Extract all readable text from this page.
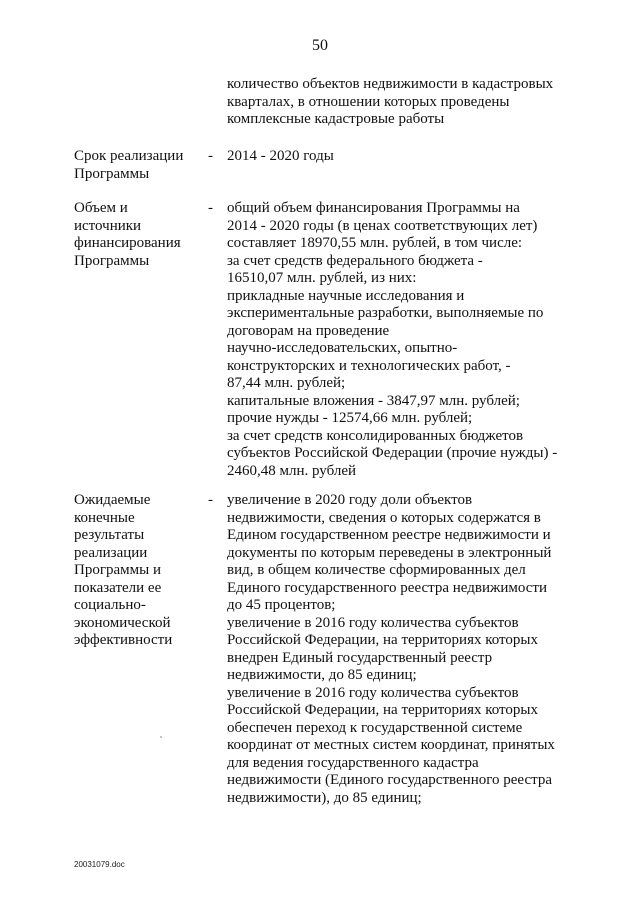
50
количество объектов недвижимости в кадастровых
кварталах, в отношении которых проведены
комплексные кадастровые работы
Срок реализации
Программы
- 2014 - 2020 годы
Объем и
источники
финансирования
Программы
- общий объем финансирования Программы на
2014 - 2020 годы (в ценах соответствующих лет)
составляет 18970,55 млн. рублей, в том числе:
за счет средств федерального бюджета -
16510,07 млн. рублей, из них:
прикладные научные исследования и
экспериментальные разработки, выполняемые по
договорам на проведение
научно-исследовательских, опытно-
конструкторских и технологических работ, -
87,44 млн. рублей;
капитальные вложения - 3847,97 млн. рублей;
прочие нужды - 12574,66 млн. рублей;
за счет средств консолидированных бюджетов
субъектов Российской Федерации (прочие нужды) -
2460,48 млн. рублей
Ожидаемые
конечные
результаты
реализации
Программы и
показатели ее
социально-
экономической
эффективности
- увеличение в 2020 году доли объектов
недвижимости, сведения о которых содержатся в
Едином государственном реестре недвижимости и
документы по которым переведены в электронный
вид, в общем количестве сформированных дел
Единого государственного реестра недвижимости
до 45 процентов;
увеличение в 2016 году количества субъектов
Российской Федерации, на территориях которых
внедрен Единый государственный реестр
недвижимости, до 85 единиц;
увеличение в 2016 году количества субъектов
Российской Федерации, на территориях которых
обеспечен переход к государственной системе
координат от местных систем координат, принятых
для ведения государственного кадастра
недвижимости (Единого государственного реестра
недвижимости), до 85 единиц;
20031079.doc
